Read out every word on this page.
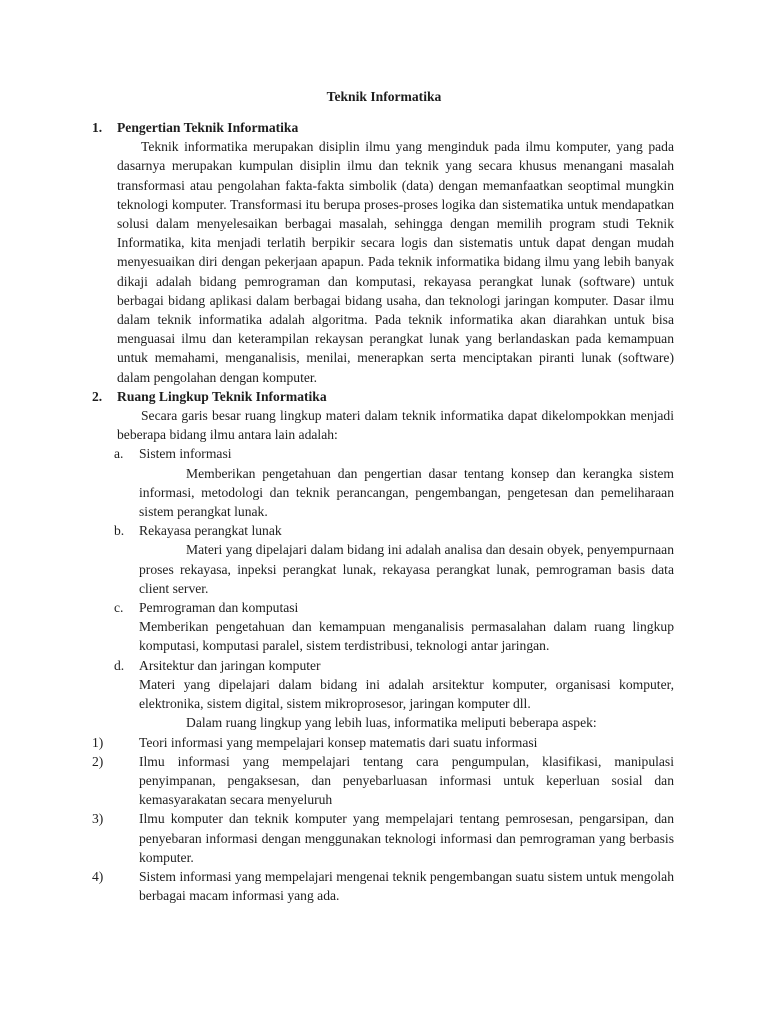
Teknik Informatika
1. Pengertian Teknik Informatika
Teknik informatika merupakan disiplin ilmu yang menginduk pada ilmu komputer, yang pada dasarnya merupakan kumpulan disiplin ilmu dan teknik yang secara khusus menangani masalah transformasi atau pengolahan fakta-fakta simbolik (data) dengan memanfaatkan seoptimal mungkin teknologi komputer. Transformasi itu berupa proses-proses logika dan sistematika untuk mendapatkan solusi dalam menyelesaikan berbagai masalah, sehingga dengan memilih program studi Teknik Informatika, kita menjadi terlatih berpikir secara logis dan sistematis untuk dapat dengan mudah menyesuaikan diri dengan pekerjaan apapun. Pada teknik informatika bidang ilmu yang lebih banyak dikaji adalah bidang pemrograman dan komputasi, rekayasa perangkat lunak (software) untuk berbagai bidang aplikasi dalam berbagai bidang usaha, dan teknologi jaringan komputer. Dasar ilmu dalam teknik informatika adalah algoritma. Pada teknik informatika akan diarahkan untuk bisa menguasai ilmu dan keterampilan rekaysan perangkat lunak yang berlandaskan pada kemampuan untuk memahami, menganalisis, menilai, menerapkan serta menciptakan piranti lunak (software) dalam pengolahan dengan komputer.
2. Ruang Lingkup Teknik Informatika
Secara garis besar ruang lingkup materi dalam teknik informatika dapat dikelompokkan menjadi beberapa bidang ilmu antara lain adalah:
a. Sistem informasi
Memberikan pengetahuan dan pengertian dasar tentang konsep dan kerangka sistem informasi, metodologi dan teknik perancangan, pengembangan, pengetesan dan pemeliharaan sistem perangkat lunak.
b. Rekayasa perangkat lunak
Materi yang dipelajari dalam bidang ini adalah analisa dan desain obyek, penyempurnaan proses rekayasa, inpeksi perangkat lunak, rekayasa perangkat lunak, pemrograman basis data client server.
c. Pemrograman dan komputasi
Memberikan pengetahuan dan kemampuan menganalisis permasalahan dalam ruang lingkup komputasi, komputasi paralel, sistem terdistribusi, teknologi antar jaringan.
d. Arsitektur dan jaringan komputer
Materi yang dipelajari dalam bidang ini adalah arsitektur komputer, organisasi komputer, elektronika, sistem digital, sistem mikroprosesor, jaringan komputer dll.
Dalam ruang lingkup yang lebih luas, informatika meliputi beberapa aspek:
1)	Teori informasi yang mempelajari konsep matematis dari suatu informasi
2)	Ilmu informasi yang mempelajari tentang cara pengumpulan, klasifikasi, manipulasi penyimpanan, pengaksesan, dan penyebarluasan informasi untuk keperluan sosial dan kemasyarakatan secara menyeluruh
3)	Ilmu komputer dan teknik komputer yang mempelajari tentang pemrosesan, pengarsipan, dan penyebaran informasi dengan menggunakan teknologi informasi dan pemrograman yang berbasis komputer.
4)	Sistem informasi yang mempelajari mengenai teknik pengembangan suatu sistem untuk mengolah berbagai macam informasi yang ada.
